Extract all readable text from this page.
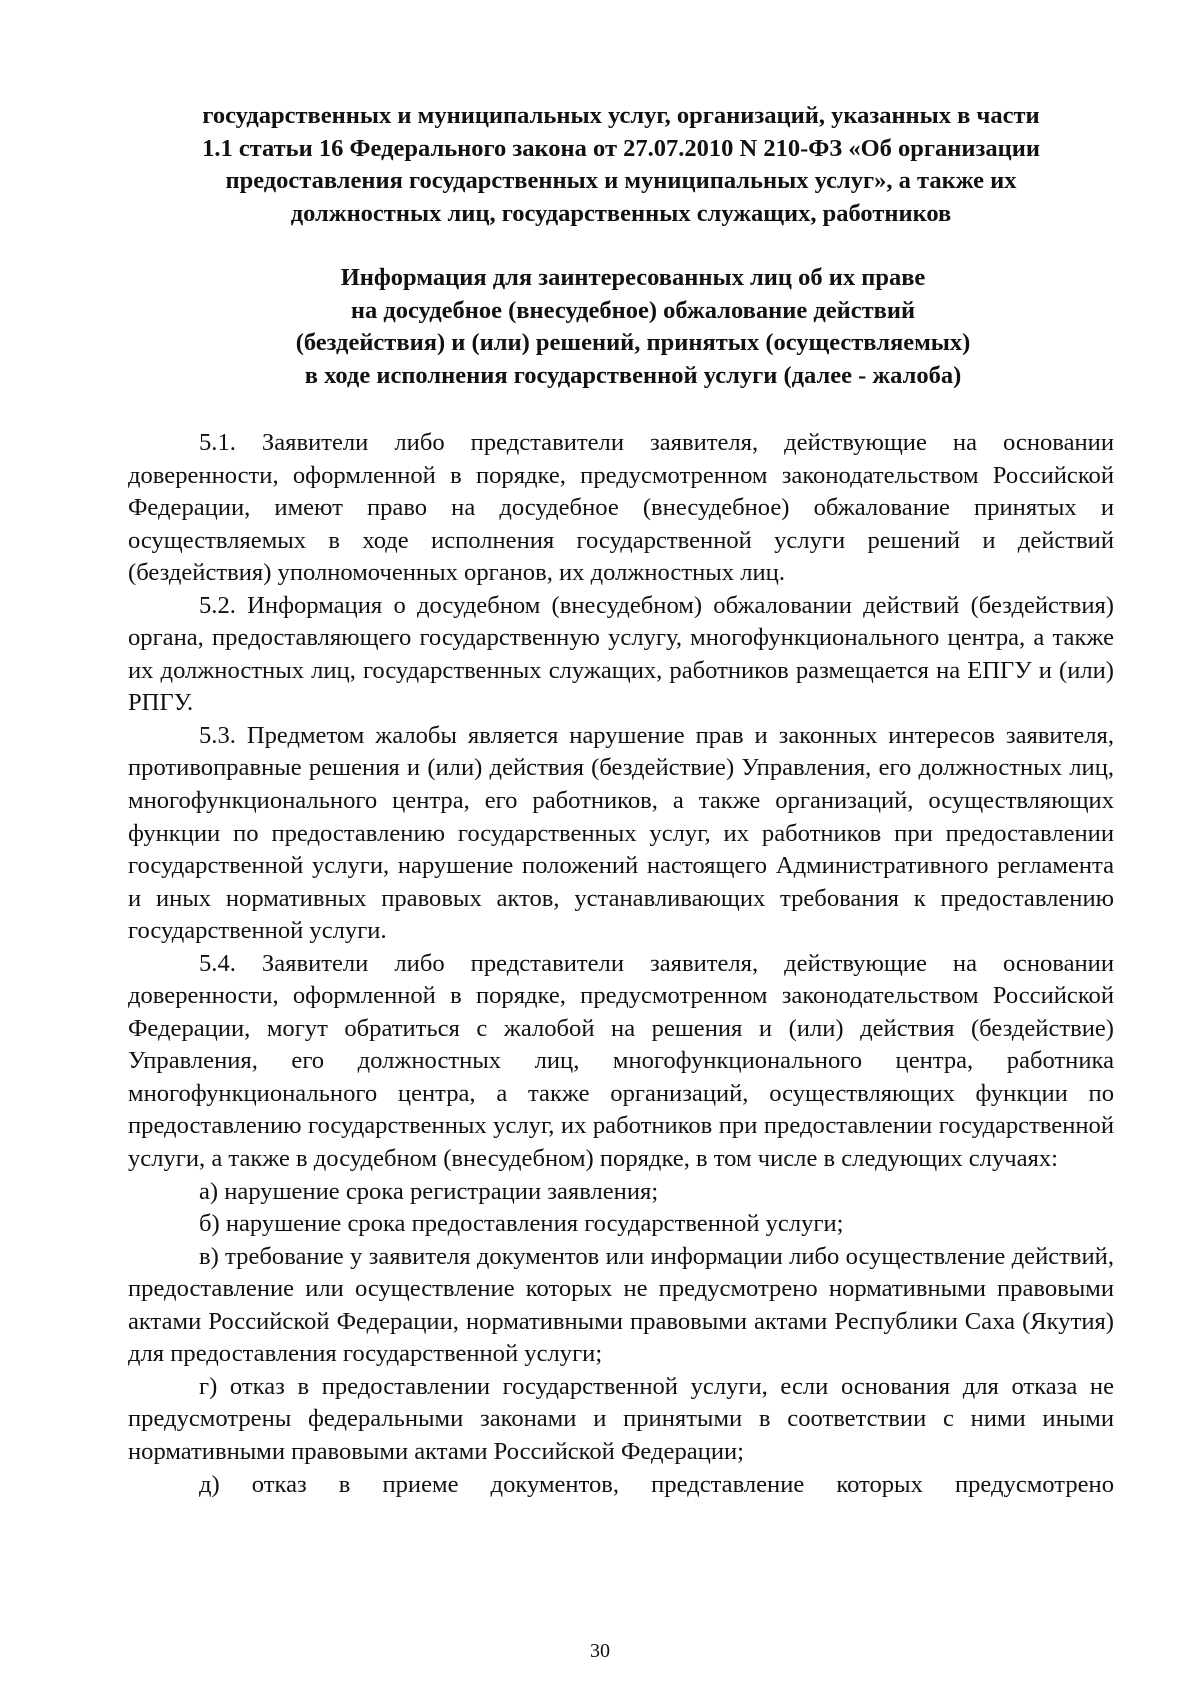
государственных и муниципальных услуг, организаций, указанных в части
1.1 статьи 16 Федерального закона от 27.07.2010 N 210-ФЗ «Об организации
предоставления государственных и муниципальных услуг», а также их
должностных лиц, государственных служащих, работников
Информация для заинтересованных лиц об их праве
на досудебное (внесудебное) обжалование действий
(бездействия) и (или) решений, принятых (осуществляемых)
в ходе исполнения государственной услуги (далее - жалоба)

5.1. Заявители либо представители заявителя, действующие на основании доверенности, оформленной в порядке, предусмотренном законодательством Российской Федерации, имеют право на досудебное (внесудебное) обжалование принятых и осуществляемых в ходе исполнения государственной услуги решений и действий (бездействия) уполномоченных органов, их должностных лиц.

5.2. Информация о досудебном (внесудебном) обжаловании действий (бездействия) органа, предоставляющего государственную услугу, многофункционального центра, а также их должностных лиц, государственных служащих, работников размещается на ЕПГУ и (или) РПГУ.

5.3. Предметом жалобы является нарушение прав и законных интересов заявителя, противоправные решения и (или) действия (бездействие) Управления, его должностных лиц, многофункционального центра, его работников, а также организаций, осуществляющих функции по предоставлению государственных услуг, их работников при предоставлении государственной услуги, нарушение положений настоящего Административного регламента и иных нормативных правовых актов, устанавливающих требования к предоставлению государственной услуги.

5.4. Заявители либо представители заявителя, действующие на основании доверенности, оформленной в порядке, предусмотренном законодательством Российской Федерации, могут обратиться с жалобой на решения и (или) действия (бездействие) Управления, его должностных лиц, многофункционального центра, работника многофункционального центра, а также организаций, осуществляющих функции по предоставлению государственных услуг, их работников при предоставлении государственной услуги, а также в досудебном (внесудебном) порядке, в том числе в следующих случаях:

а) нарушение срока регистрации заявления;

б) нарушение срока предоставления государственной услуги;

в) требование у заявителя документов или информации либо осуществление действий, предоставление или осуществление которых не предусмотрено нормативными правовыми актами Российской Федерации, нормативными правовыми актами Республики Саха (Якутия) для предоставления государственной услуги;

г) отказ в предоставлении государственной услуги, если основания для отказа не предусмотрены федеральными законами и принятыми в соответствии с ними иными нормативными правовыми актами Российской Федерации;

д) отказ в приеме документов, представление которых предусмотрено

30
